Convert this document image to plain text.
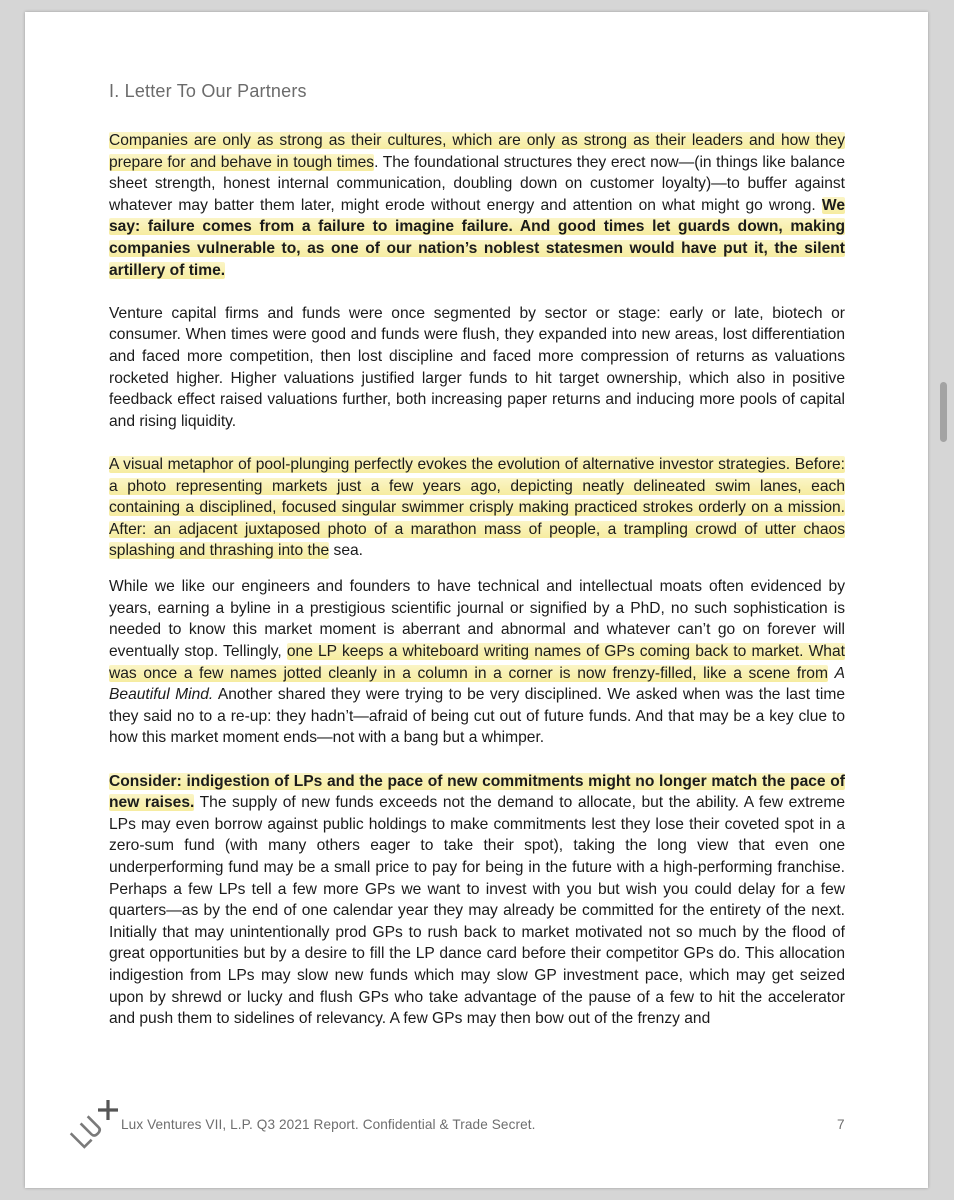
I. Letter To Our Partners

Companies are only as strong as their cultures, which are only as strong as their leaders and how they prepare for and behave in tough times. The foundational structures they erect now—(in things like balance sheet strength, honest internal communication, doubling down on customer loyalty)—to buffer against whatever may batter them later, might erode without energy and attention on what might go wrong. We say: failure comes from a failure to imagine failure. And good times let guards down, making companies vulnerable to, as one of our nation’s noblest statesmen would have put it, the silent artillery of time.

Venture capital firms and funds were once segmented by sector or stage: early or late, biotech or consumer. When times were good and funds were flush, they expanded into new areas, lost differentiation and faced more competition, then lost discipline and faced more compression of returns as valuations rocketed higher. Higher valuations justified larger funds to hit target ownership, which also in positive feedback effect raised valuations further, both increasing paper returns and inducing more pools of capital and rising liquidity.

A visual metaphor of pool-plunging perfectly evokes the evolution of alternative investor strategies. Before: a photo representing markets just a few years ago, depicting neatly delineated swim lanes, each containing a disciplined, focused singular swimmer crisply making practiced strokes orderly on a mission. After: an adjacent juxtaposed photo of a marathon mass of people, a trampling crowd of utter chaos splashing and thrashing into the sea.

While we like our engineers and founders to have technical and intellectual moats often evidenced by years, earning a byline in a prestigious scientific journal or signified by a PhD, no such sophistication is needed to know this market moment is aberrant and abnormal and whatever can’t go on forever will eventually stop. Tellingly, one LP keeps a whiteboard writing names of GPs coming back to market. What was once a few names jotted cleanly in a column in a corner is now frenzy-filled, like a scene from A Beautiful Mind. Another shared they were trying to be very disciplined. We asked when was the last time they said no to a re-up: they hadn’t—afraid of being cut out of future funds. And that may be a key clue to how this market moment ends—not with a bang but a whimper.

Consider: indigestion of LPs and the pace of new commitments might no longer match the pace of new raises. The supply of new funds exceeds not the demand to allocate, but the ability. A few extreme LPs may even borrow against public holdings to make commitments lest they lose their coveted spot in a zero-sum fund (with many others eager to take their spot), taking the long view that even one underperforming fund may be a small price to pay for being in the future with a high-performing franchise. Perhaps a few LPs tell a few more GPs we want to invest with you but wish you could delay for a few quarters—as by the end of one calendar year they may already be committed for the entirety of the next. Initially that may unintentionally prod GPs to rush back to market motivated not so much by the flood of great opportunities but by a desire to fill the LP dance card before their competitor GPs do. This allocation indigestion from LPs may slow new funds which may slow GP investment pace, which may get seized upon by shrewd or lucky and flush GPs who take advantage of the pause of a few to hit the accelerator and push them to sidelines of relevancy. A few GPs may then bow out of the frenzy and

Lux Ventures VII, L.P. Q3 2021 Report. Confidential & Trade Secret.	7
